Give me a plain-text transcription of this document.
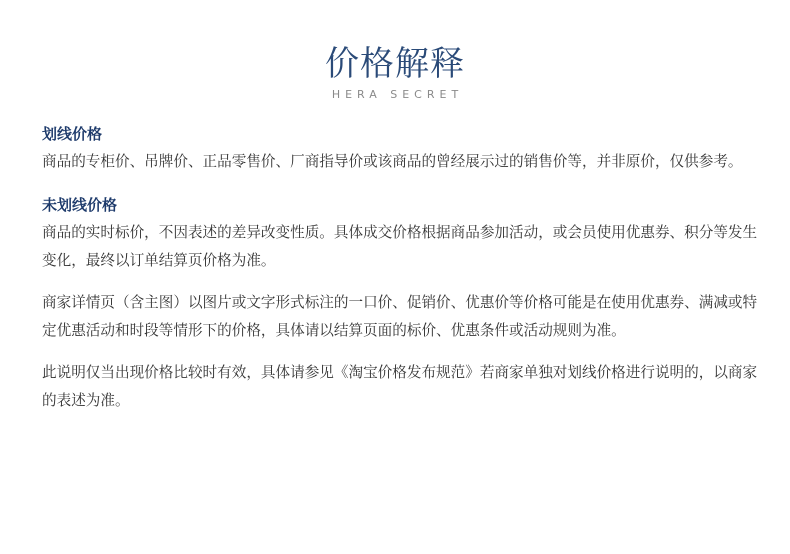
价格解释
HERA SECRET
划线价格

商品的专柜价、吊牌价、正品零售价、厂商指导价或该商品的曾经展示过的销售价等，并非原价，仅供参考。

未划线价格

商品的实时标价，不因表述的差异改变性质。具体成交价格根据商品参加活动，或会员使用优惠券、积分等发生变化，最终以订单结算页价格为准。

商家详情页（含主图）以图片或文字形式标注的一口价、促销价、优惠价等价格可能是在使用优惠券、满减或特定优惠活动和时段等情形下的价格，具体请以结算页面的标价、优惠条件或活动规则为准。

此说明仅当出现价格比较时有效，具体请参见《淘宝价格发布规范》若商家单独对划线价格进行说明的，以商家的表述为准。
